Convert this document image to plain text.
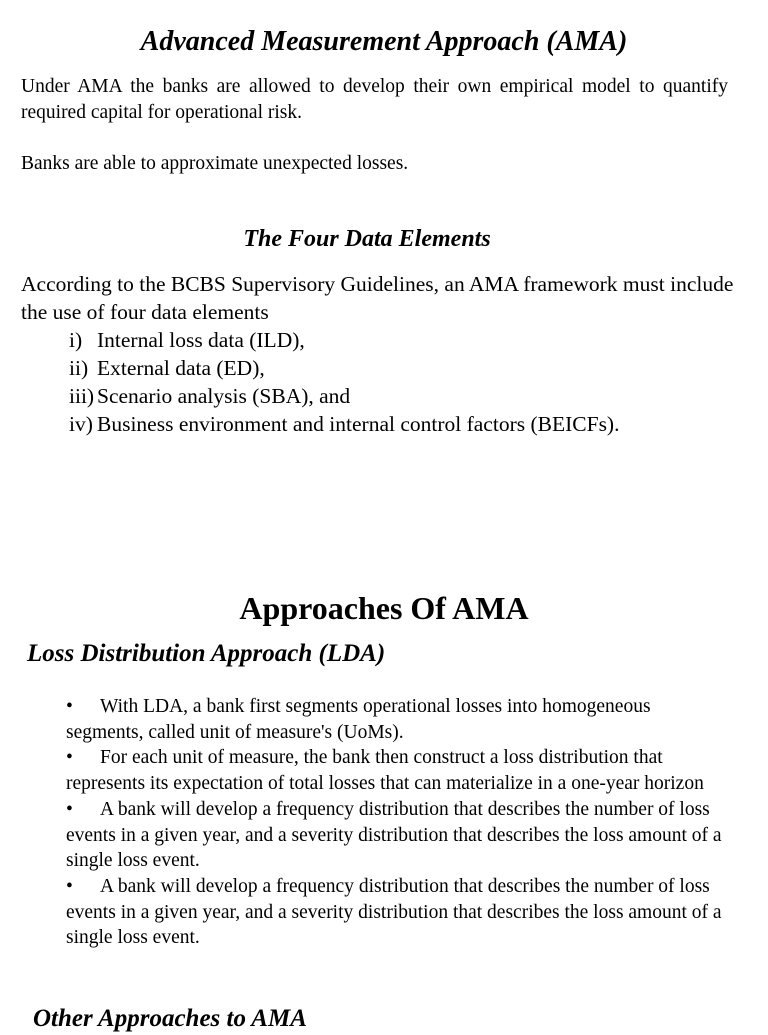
Advanced Measurement Approach (AMA)

Under AMA the banks are allowed to develop their own empirical model to quantify required capital for operational risk.

Banks are able to approximate unexpected losses.

The Four Data Elements

According to the BCBS Supervisory Guidelines, an AMA framework must include the use of four data elements

i) Internal loss data (ILD),
ii) External data (ED),
iii) Scenario analysis (SBA), and
iv) Business environment and internal control factors (BEICFs).
Approaches Of AMA
Loss Distribution Approach (LDA)

• With LDA, a bank first segments operational losses into homogeneous segments, called unit of measure's (UoMs).

• For each unit of measure, the bank then construct a loss distribution that represents its expectation of total losses that can materialize in a one-year horizon

• A bank will develop a frequency distribution that describes the number of loss events in a given year, and a severity distribution that describes the loss amount of a single loss event.

• A bank will develop a frequency distribution that describes the number of loss events in a given year, and a severity distribution that describes the loss amount of a single loss event.

Other Approaches to AMA
